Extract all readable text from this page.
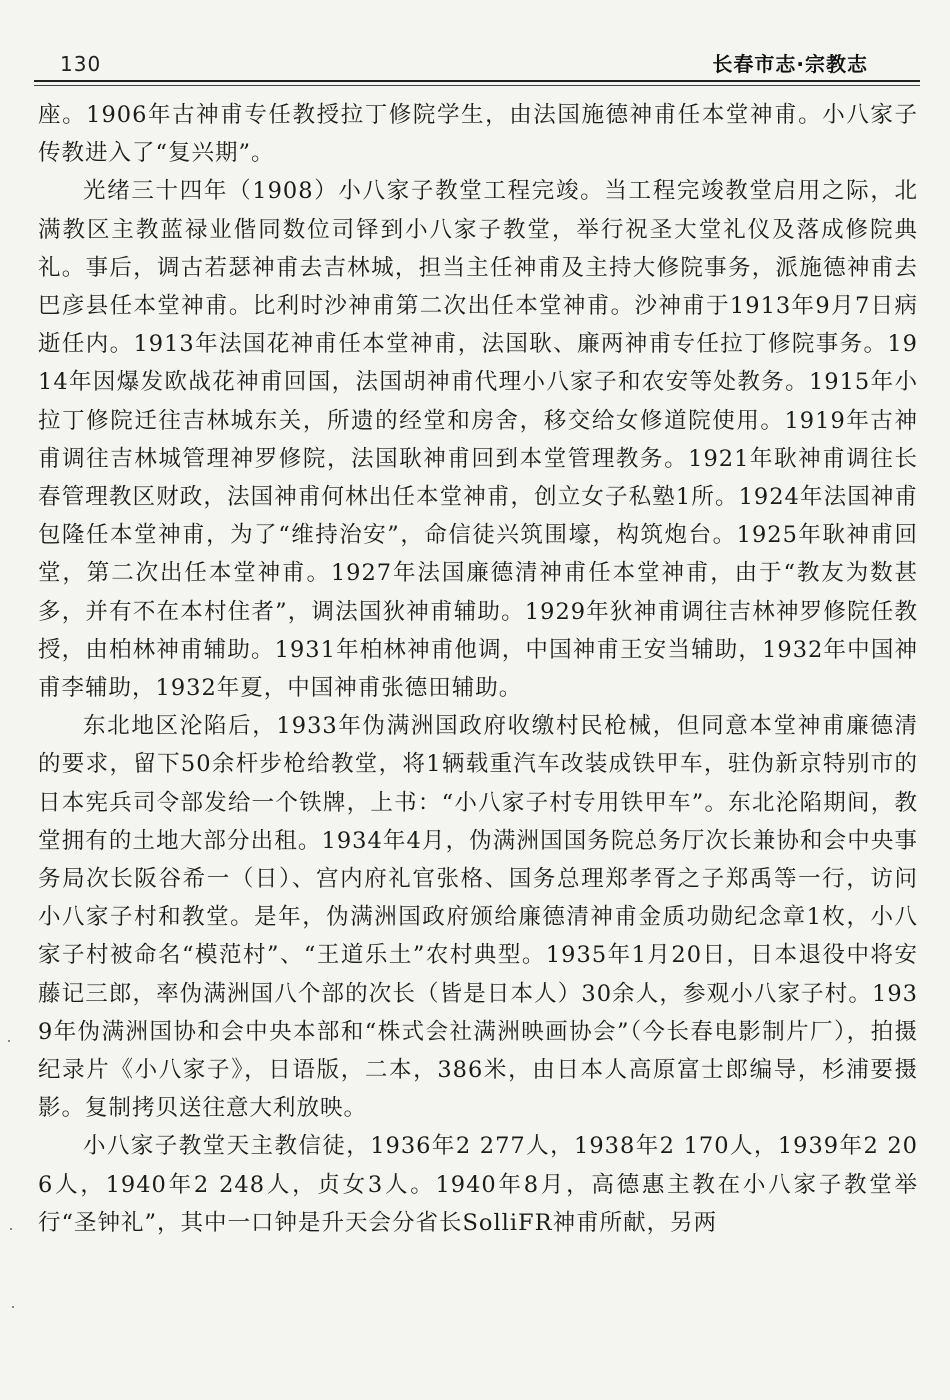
130	长春市志·宗教志

座。1906年古神甫专任教授拉丁修院学生，由法国施德神甫任本堂神甫。小八家子传教进入了“复兴期”。

光绪三十四年（1908）小八家子教堂工程完竣。当工程完竣教堂启用之际，北满教区主教蓝禄业偕同数位司铎到小八家子教堂，举行祝圣大堂礼仪及落成修院典礼。事后，调古若瑟神甫去吉林城，担当主任神甫及主持大修院事务，派施德神甫去巴彦县任本堂神甫。比利时沙神甫第二次出任本堂神甫。沙神甫于1913年9月7日病逝任内。1913年法国花神甫任本堂神甫，法国耿、廉两神甫专任拉丁修院事务。1914年因爆发欧战花神甫回国，法国胡神甫代理小八家子和农安等处教务。1915年小拉丁修院迁往吉林城东关，所遗的经堂和房舍，移交给女修道院使用。1919年古神甫调往吉林城管理神罗修院，法国耿神甫回到本堂管理教务。1921年耿神甫调往长春管理教区财政，法国神甫何林出任本堂神甫，创立女子私塾1所。1924年法国神甫包隆任本堂神甫，为了“维持治安”，命信徒兴筑围壕，构筑炮台。1925年耿神甫回堂，第二次出任本堂神甫。1927年法国廉德清神甫任本堂神甫，由于“教友为数甚多，并有不在本村住者”，调法国狄神甫辅助。1929年狄神甫调往吉林神罗修院任教授，由柏林神甫辅助。1931年柏林神甫他调，中国神甫王安当辅助，1932年中国神甫李辅助，1932年夏，中国神甫张德田辅助。

东北地区沦陷后，1933年伪满洲国政府收缴村民枪械，但同意本堂神甫廉德清的要求，留下50余杆步枪给教堂，将1辆载重汽车改装成铁甲车，驻伪新京特别市的日本宪兵司令部发给一个铁牌，上书：“小八家子村专用铁甲车”。东北沦陷期间，教堂拥有的土地大部分出租。1934年4月，伪满洲国国务院总务厅次长兼协和会中央事务局次长阪谷希一（日）、宫内府礼官张格、国务总理郑孝胥之子郑禹等一行，访问小八家子村和教堂。是年，伪满洲国政府颁给廉德清神甫金质功勋纪念章1枚，小八家子村被命名“模范村”、“王道乐土”农村典型。1935年1月20日，日本退役中将安藤记三郎，率伪满洲国八个部的次长（皆是日本人）30余人，参观小八家子村。1939年伪满洲国协和会中央本部和“株式会社满洲映画协会”（今长春电影制片厂），拍摄纪录片《小八家子》，日语版，二本，386米，由日本人高原富士郎编导，杉浦要摄影。复制拷贝送往意大利放映。

小八家子教堂天主教信徒，1936年2 277人，1938年2 170人，1939年2 206人，1940年2 248人，贞女3人。1940年8月，高德惠主教在小八家子教堂举行“圣钟礼”，其中一口钟是升天会分省长SolliFR神甫所献，另两
